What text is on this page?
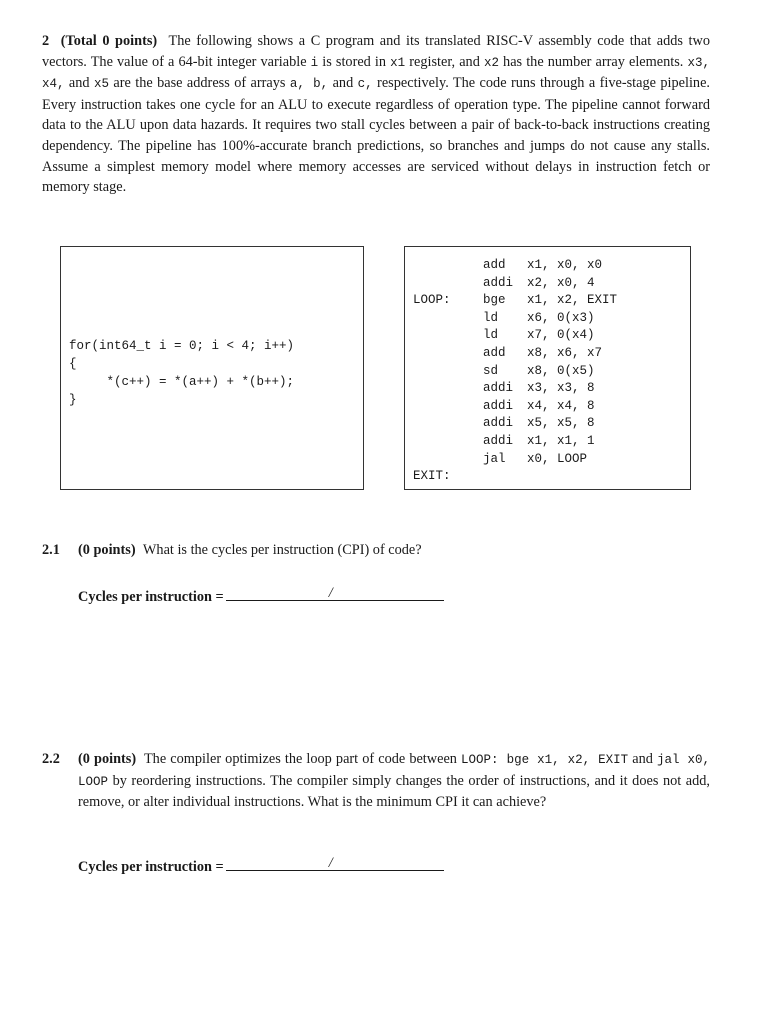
2 (Total 0 points) The following shows a C program and its translated RISC-V assembly code that adds two vectors. The value of a 64-bit integer variable i is stored in x1 register, and x2 has the number array elements. x3, x4, and x5 are the base address of arrays a, b, and c, respectively. The code runs through a five-stage pipeline. Every instruction takes one cycle for an ALU to execute regardless of operation type. The pipeline cannot forward data to the ALU upon data hazards. It requires two stall cycles between a pair of back-to-back instructions creating dependency. The pipeline has 100%-accurate branch predictions, so branches and jumps do not cause any stalls. Assume a simplest memory model where memory accesses are serviced without delays in instruction fetch or memory stage.
for(int64_t i = 0; i < 4; i++)
{
*(c++) = *(a++) + *(b++);
}
add x1, x0, x0
addi x2, x0, 4
LOOP:	bge x1, x2, EXIT
ld x6, 0(x3)
ld x7, 0(x4)
add x8, x6, x7
sd x8, 0(x5)
addi x3, x3, 8
addi x4, x4, 8
addi x5, x5, 8
addi x1, x1, 1
jal x0, LOOP
EXIT:
2.1 (0 points) What is the cycles per instruction (CPI) of code?
Cycles per instruction =	/
2.2 (0 points) The compiler optimizes the loop part of code between LOOP: bge x1, x2, EXIT and jal x0, LOOP by reordering instructions. The compiler simply changes the order of instructions, and it does not add, remove, or alter individual instructions. What is the minimum CPI it can achieve?
Cycles per instruction =	/
